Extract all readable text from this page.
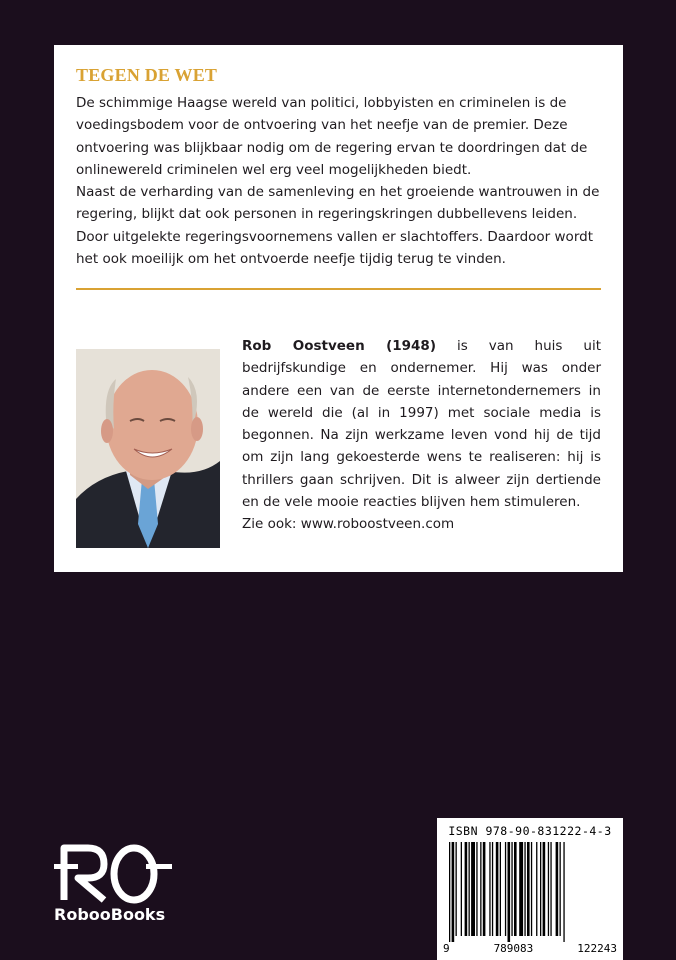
TEGEN DE WET

De schimmige Haagse wereld van politici, lobbyisten en criminelen is de voedingsbodem voor de ontvoering van het neefje van de premier. Deze ontvoering was blijkbaar nodig om de regering ervan te doordringen dat de onlinewereld criminelen wel erg veel mogelijkheden biedt.

Naast de verharding van de samenleving en het groeiende wantrouwen in de regering, blijkt dat ook personen in regeringskringen dubbellevens leiden. Door uitgelekte regeringsvoornemens vallen er slachtoffers. Daardoor wordt het ook moeilijk om het ontvoerde neefje tijdig terug te vinden.

Rob Oostveen (1948) is van huis uit bedrijfskundige en ondernemer. Hij was onder andere een van de eerste internetondernemers in de wereld die (al in 1997) met sociale media is begonnen. Na zijn werkzame leven vond hij de tijd om zijn lang gekoesterde wens te realiseren: hij is thrillers gaan schrijven. Dit is alweer zijn dertiende en de vele mooie reacties blijven hem stimuleren.
Zie ook: www.roboostveen.com
RobooBooks
ISBN 978-90-831222-4-3
9	789083	122243
